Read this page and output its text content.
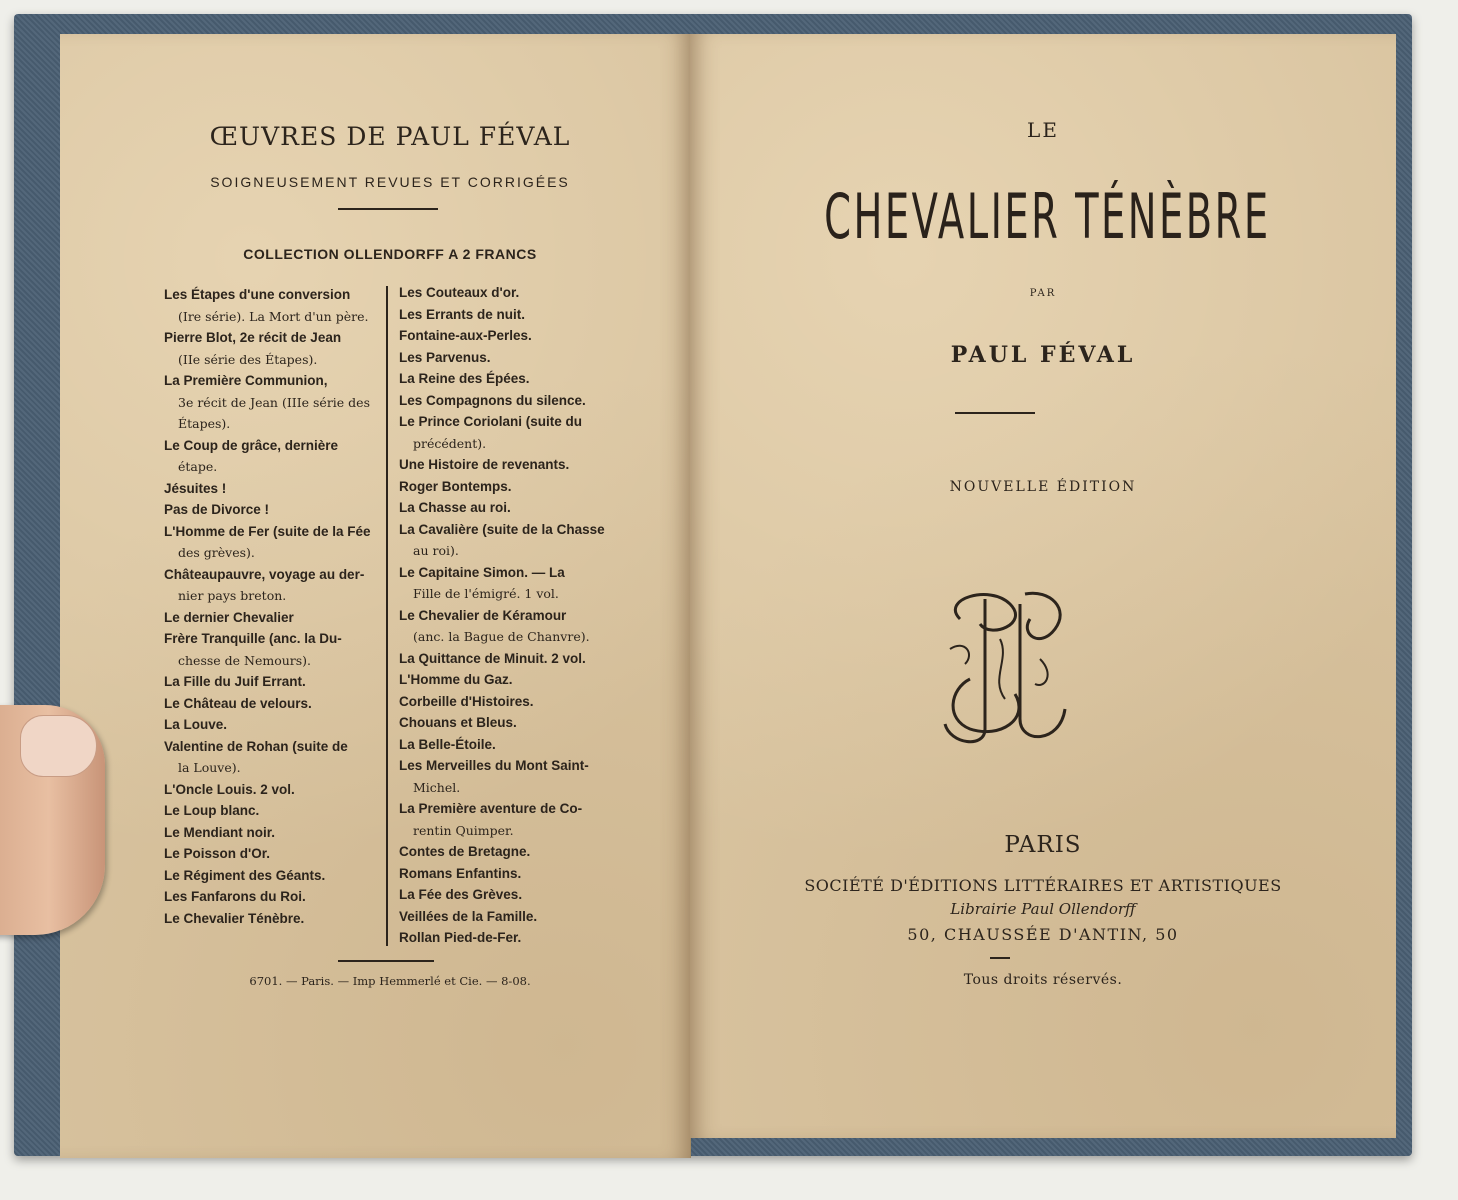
ŒUVRES DE PAUL FÉVAL
SOIGNEUSEMENT REVUES ET CORRIGÉES
COLLECTION OLLENDORFF A 2 FRANCS
Les Étapes d'une conversion
(Ire série). La Mort d'un père.
Pierre Blot, 2e récit de Jean
(IIe série des Étapes).
La Première Communion,
3e récit de Jean (IIIe série des Étapes).
Le Coup de grâce, dernière
étape.
Jésuites !
Pas de Divorce !
L'Homme de Fer (suite de la Fée
des grèves).
Châteaupauvre, voyage au der-
nier pays breton.
Le dernier Chevalier
Frère Tranquille (anc. la Du-
chesse de Nemours).
La Fille du Juif Errant.
Le Château de velours.
La Louve.
Valentine de Rohan (suite de
la Louve).
L'Oncle Louis. 2 vol.
Le Loup blanc.
Le Mendiant noir.
Le Poisson d'Or.
Le Régiment des Géants.
Les Fanfarons du Roi.
Le Chevalier Ténèbre.
Les Couteaux d'or.
Les Errants de nuit.
Fontaine-aux-Perles.
Les Parvenus.
La Reine des Épées.
Les Compagnons du silence.
Le Prince Coriolani (suite du
précédent).
Une Histoire de revenants.
Roger Bontemps.
La Chasse au roi.
La Cavalière (suite de la Chasse
au roi).
Le Capitaine Simon. — La
Fille de l'émigré. 1 vol.
Le Chevalier de Kéramour
(anc. la Bague de Chanvre).
La Quittance de Minuit. 2 vol.
L'Homme du Gaz.
Corbeille d'Histoires.
Chouans et Bleus.
La Belle-Étoile.
Les Merveilles du Mont Saint-
Michel.
La Première aventure de Co-
rentin Quimper.
Contes de Bretagne.
Romans Enfantins.
La Fée des Grèves.
Veillées de la Famille.
Rollan Pied-de-Fer.
6701. — Paris. — Imp Hemmerlé et Cie. — 8-08.
LE
CHEVALIER TÉNÈBRE
PAR
PAUL FÉVAL
NOUVELLE ÉDITION
PARIS
SOCIÉTÉ D'ÉDITIONS LITTÉRAIRES ET ARTISTIQUES
Librairie Paul Ollendorff
50, CHAUSSÉE D'ANTIN, 50
Tous droits réservés.
